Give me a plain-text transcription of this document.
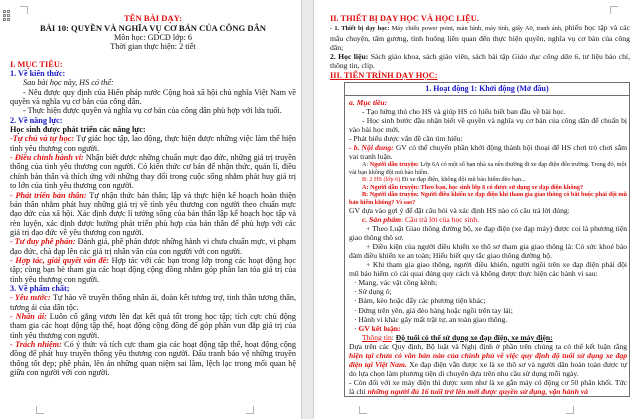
TÊN BÀI DẠY:
BÀI 10: QUYỀN VÀ NGHĨA VỤ CƠ BẢN CỦA CÔNG DÂN
Môn học: GDCD lớp: 6
Thời gian thực hiện: 2 tiết
I. MỤC TIÊU:
1. Về kiến thức:
Sau bài học này, HS có thể:
- Nêu được quy định của Hiến pháp nước Cộng hoà xã hội chủ nghĩa Việt Nam về quyền và nghĩa vụ cơ bản của công dân.
- Thực hiện được quyền và nghĩa vụ cơ bản của công dân phù hợp với lứa tuổi.
2. Về năng lực:
Học sinh được phát triển các năng lực:
-Tự chủ và tự học: Tự giác học tập, lao động, thực hiện được những việc làm thể hiện tình yêu thương con người.
- Điều chỉnh hành vi: Nhận biết được những chuẩn mực đạo đức, những giá trị truyền thống của tình yêu thương con người. Có kiến thức cơ bản để nhận thức, quản lí, điều chỉnh bản thân và thích ứng với những thay đổi trong cuộc sống nhằm phát huy giá trị to lớn của tình yêu thương con người.
- Phát triển bản thân: Tự nhận thức bản thân; lập và thực hiện kế hoạch hoàn thiện bản thân nhằm phát huy những giá trị về tình yêu thương con người theo chuẩn mực đạo đức của xã hội. Xác định được lí tưởng sống của bản thân lập kế hoạch học tập và rèn luyện, xác định được hướng phát triển phù hợp của bản thân để phù hợp với các giá trị đạo đức về yêu thương con người.
- Tư duy phê phán: Đánh giá, phê phán được những hành vi chưa chuẩn mực, vi phạm đạo đức, chà đạp lên các giá trị nhân văn của con người với con người.
- Hợp tác, giải quyết vấn đề: Hợp tác với các bạn trong lớp trong các hoạt động học tập; cùng bạn bè tham gia các hoạt động cộng đồng nhằm góp phần lan tỏa giá trị của tình yêu thương con người.
3. Về phẩm chất;
- Yêu nước: Tự hào về truyền thống nhân ái, đoàn kết tương trợ, tinh thần tương thân, tương ái của dân tộc.
- Nhân ái: Luôn cố gắng vươn lên đạt kết quả tốt trong học tập; tích cực chủ động tham gia các hoạt động tập thể, hoạt động cộng đồng để góp phần vun đắp giá trị của tình yêu thương con người.
- Trách nhiệm: Có ý thức và tích cực tham gia các hoạt động tập thể, hoạt động cộng đồng để phát huy truyền thống yêu thương con người. Đấu tranh bảo vệ những truyền thống tốt đẹp; phê phán, lên án những quan niệm sai lầm, lệch lạc trong mối quan hệ giữa con người với con người.
II. THIẾT BỊ DẠY HỌC VÀ HỌC LIỆU.
- 1. Thiết bị dạy học: Máy chiếu power point, màn hình, máy tính, giấy A0, tranh ảnh, phiếu học tập và các mẩu chuyện, tấm gương, tình huống liên quan đến thực hiện quyền, nghĩa vụ cơ bản của công dân;
2. Học liệu: Sách giáo khoa, sách giáo viên, sách bài tập Giáo dục công dân 6, tư liệu báo chí, thông tin, clip.
III. TIẾN TRÌNH DẠY HỌC:
1. Hoạt động 1: Khởi động (Mở đầu)
a. Mục tiêu:
- Tạo hứng thú cho HS và giúp HS có hiểu biết ban đầu về bài học.
- Học sinh bước đầu nhận biết về quyền và nghĩa vụ cơ bản của công dân để chuẩn bị vào bài học mới.
- Phát biểu được vấn đề cần tìm hiểu:
- b. Nội dung: GV có thể chuyển phần khởi động thành hội thoại để HS chơi trò chơi sắm vai tranh luận.
A: Người dẫn truyện: Lớp 6A có một số bạn nhà xa nên thường đi xe đạp điện đến trường. Trong đó, một vài bạn không đội mũ bảo hiểm.
B: 2 HS (lớp 6) Đi xe đạp điện, không đội mũ bảo hiểm đèo bạn...
A: Người dẫn truyện: Theo bạn, học sinh lớp 6 có được sử dụng xe đạp điện không?
B: Người dẫn truyện: Người điều khiển xe đạp điện khi tham gia giao thông có bắt buộc phải đội mũ bảo hiểm không? Vì sao?
GV dựa vào gợi ý để đặt câu hỏi và xác định HS nào có câu trả lời đúng:
c. Sản phẩm: Câu trả lời của học sinh.
+ Theo Luật Giao thông đường bộ, xe đạp điện (xe đạp máy) được coi là phương tiện giao thông thô sơ.
+ Điều kiện của người điều khiển xe thô sơ tham gia giao thông là: Có sức khoẻ bảo đảm điều khiển xe an toàn; Hiểu biết quy tắc giao thông đường bộ.
+ Khi tham gia giao thông, người điều khiển, người ngồi trên xe đạp điện phải đội mũ bảo hiểm có cài quai đúng quy cách và không được thực hiện các hành vi sau:
· Mang, vác vật cồng kềnh;
· Sử dụng ô;
· Bám, kéo hoặc đẩy các phương tiện khác;
· Đứng trên yên, giá đèo hàng hoặc ngồi trên tay lái;
· Hành vi khác gây mất trật tự, an toàn giao thông.
· GV kết luận:
Thông tin: Độ tuổi có thể sử dụng xe đạp điện, xe máy điện:
Dựa trên các Quy định, Bộ luật và Nghị định ở phần trên chúng ta có thể kết luận rằng hiện tại chưa có văn bản nào của chính phủ về việc quy định độ tuổi sử dụng xe đạp điện tại Việt Nam. Xe đạp điện vẫn được xe là xe thô sơ và người dân hoàn toàn được tự do lựa chọn làm phương tiện di chuyển dựa trên nhu cầu sử dụng mỗi ngày.
- Còn đối với xe máy điện thì được xem như là xe gắn máy có động cơ 50 phân khối. Tức là chỉ những người đủ 16 tuổi trở lên mới được quyền sử dụng, vận hành và
